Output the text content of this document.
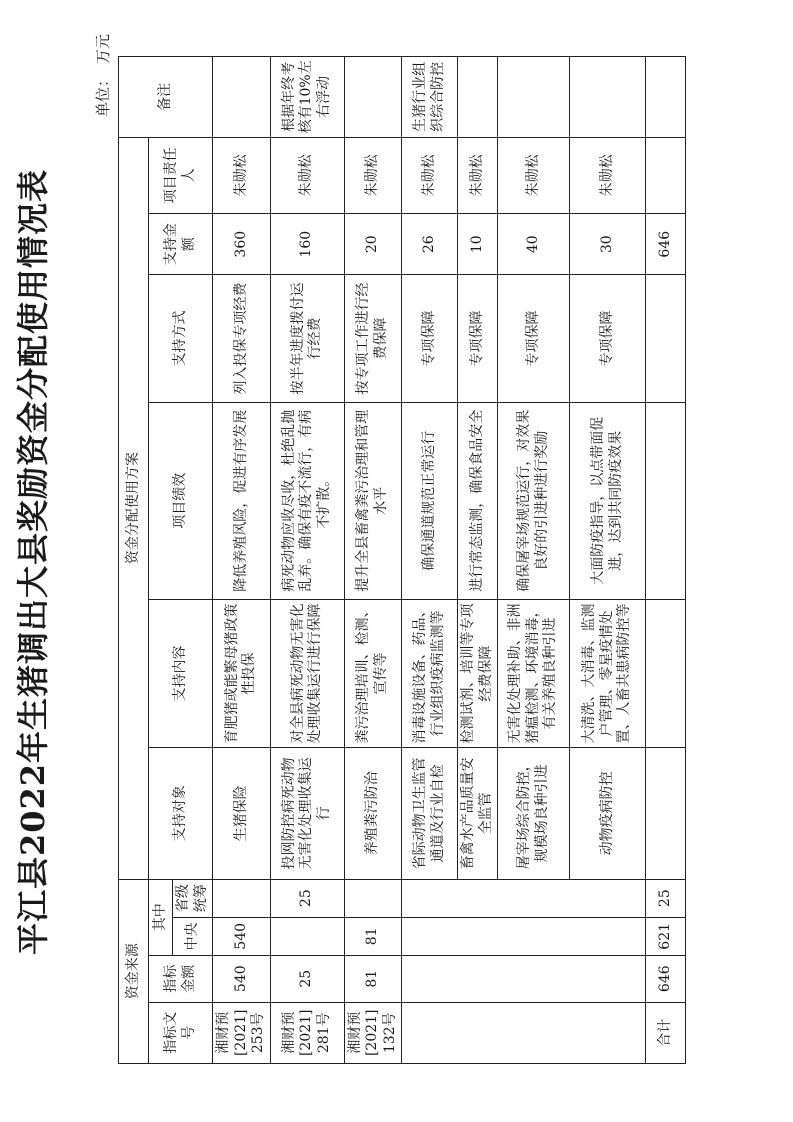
平江县2022年生猪调出大县奖励资金分配使用情况表
单位：万元
资金来源				资金分配使用方案						备注
指标文号	指标金额	其中		支持对象	支持内容	项目绩效	支持方式	支持金额	项目责任人	
		中央	省级统筹							
湘财预[2021]253号	540	540		生猪保险	育肥猪或能繁母猪政策性投保	降低养殖风险，促进有序发展	列入投保专项经费	360	朱勋松	
湘财预[2021]281号	25		25	投网防控病死动物无害化处理收集运行	对全县病死动物无害化处理收集运行进行保障	病死动物应收尽收，杜绝乱抛乱弃。确保有疫不流行，有病不扩散。	按半年进度拨付运行经费	160	朱勋松	根据年终考核有10%左右浮动
湘财预[2021]132号	81	81		养殖粪污防治	粪污治理培训、检测、宣传等	提升全县畜禽粪污治理和管理水平	按专项工作进行经费保障	20	朱勋松	
				省际动物卫生监管通道及行业自检	消毒设施设备、药品、行业组织疫病监测等	确保通道规范正常运行	专项保障	26	朱勋松	生猪行业组织综合防控
				畜禽水产品质量安全监管	检测试剂、培训等专项经费保障	进行常态监测，确保食品安全	专项保障	10	朱勋松	
				屠宰场综合防控，规模场良种引进	无害化处理补助、非洲猪瘟检测、环境消毒，有关养殖良种引进	确保屠宰场规范运行，对效果良好的引进种进行奖励	专项保障	40	朱勋松	
				动物疫病防控	大清洗、大消毒、监测户管理、零星疫情处置、人畜共患病防控等	大面防疫指导，以点带面促进，达到共同防疫效果	专项保障	30	朱勋松	
合计	646	621	25					646		
